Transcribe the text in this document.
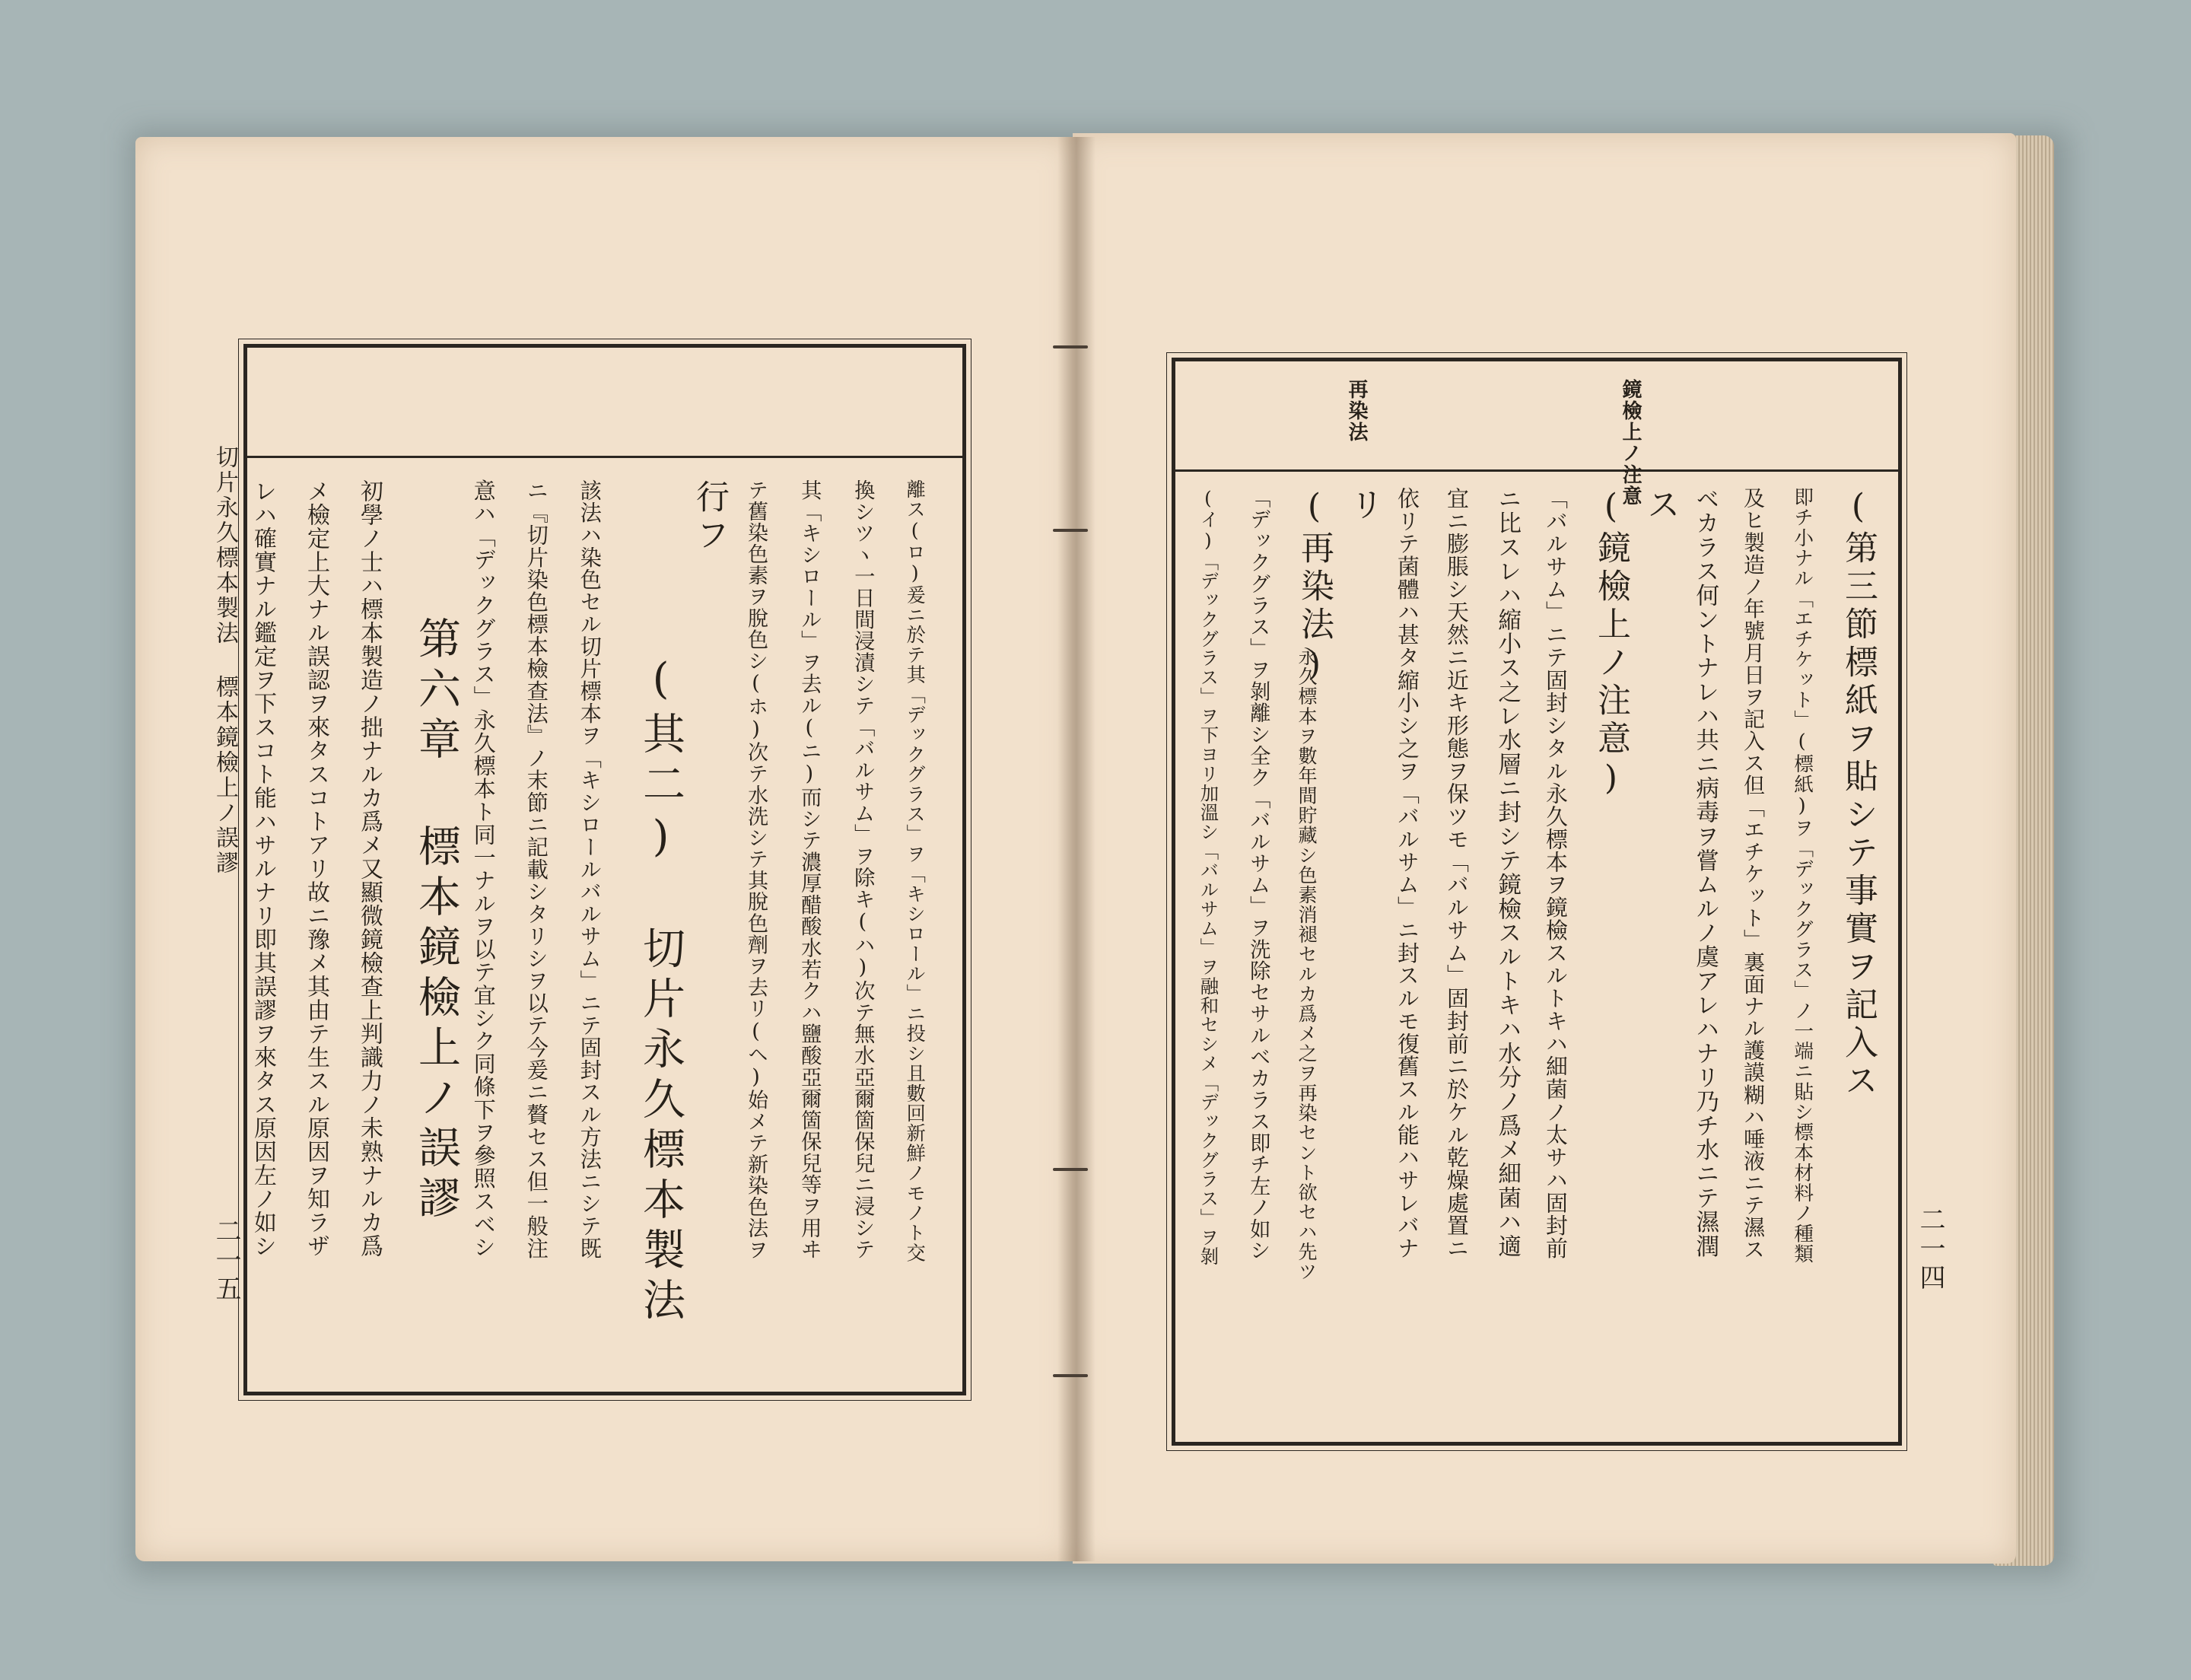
切片永久標本製法 標本鏡檢上ノ誤謬
二一五	離ス(ロ)爰ニ於テ其「デックグラス」ヲ「キシロール」ニ投シ且數回新鮮ノモノト交
換シツヽ一日間浸漬シテ「バルサム」ヲ除キ(ハ)次テ無水亞爾箇保兒ニ浸シテ
其「キシロール」ヲ去ル(ニ)而シテ濃厚醋酸水若クハ鹽酸亞爾箇保兒等ヲ用ヰ
テ舊染色素ヲ脫色シ(ホ)次テ水洗シテ其脫色劑ヲ去リ(ヘ)始メテ新染色法ヲ
行フ
(其二) 切片永久標本製法
該法ハ染色セル切片標本ヲ「キシロールバルサム」ニテ固封スル方法ニシテ既
ニ『切片染色標本檢查法』ノ末節ニ記載シタリシヲ以テ今爰ニ贅セス但一般注
意ハ「デックグラス」永久標本ト同一ナルヲ以テ宜シク同條下ヲ參照スベシ
第六章 標本鏡檢上ノ誤謬
初學ノ士ハ標本製造ノ拙ナルカ爲メ又顯微鏡檢查上判識力ノ未熟ナルカ爲
メ檢定上大ナル誤認ヲ來タスコトアリ故ニ豫メ其由テ生スル原因ヲ知ラザ
レハ確實ナル鑑定ヲ下スコト能ハサルナリ即其誤謬ヲ來タス原因左ノ如シ
鏡檢上ノ注意
再染法
二一四
(第三節標紙ヲ貼シテ事實ヲ記入ス
即チ小ナル「エチケット」(標紙)ヲ「デックグラス」ノ一端ニ貼シ標本材料ノ種類
及ヒ製造ノ年號月日ヲ記入ス但「エチケット」裏面ナル護謨糊ハ唾液ニテ濕ス
ベカラス何ントナレハ共ニ病毒ヲ嘗ムルノ虞アレハナリ乃チ水ニテ濕潤
ス
(鏡檢上ノ注意)
「バルサム」ニテ固封シタル永久標本ヲ鏡檢スルトキハ細菌ノ太サハ固封前
ニ比スレハ縮小ス之レ水層ニ封シテ鏡檢スルトキハ水分ノ爲メ細菌ハ適
宜ニ膨脹シ天然ニ近キ形態ヲ保ツモ「バルサム」固封前ニ於ケル乾燥處置ニ
依リテ菌體ハ甚タ縮小シ之ヲ「バルサム」ニ封スルモ復舊スル能ハサレバナ
リ
(再染法)
永久標本ヲ數年間貯藏シ色素消褪セルカ爲メ之ヲ再染セント欲セハ先ツ
「デックグラス」ヲ剝離シ全ク「バルサム」ヲ洗除セサルベカラス即チ左ノ如シ
(イ)「デックグラス」ヲ下ヨリ加溫シ「バルサム」ヲ融和セシメ「デックグラス」ヲ剝
